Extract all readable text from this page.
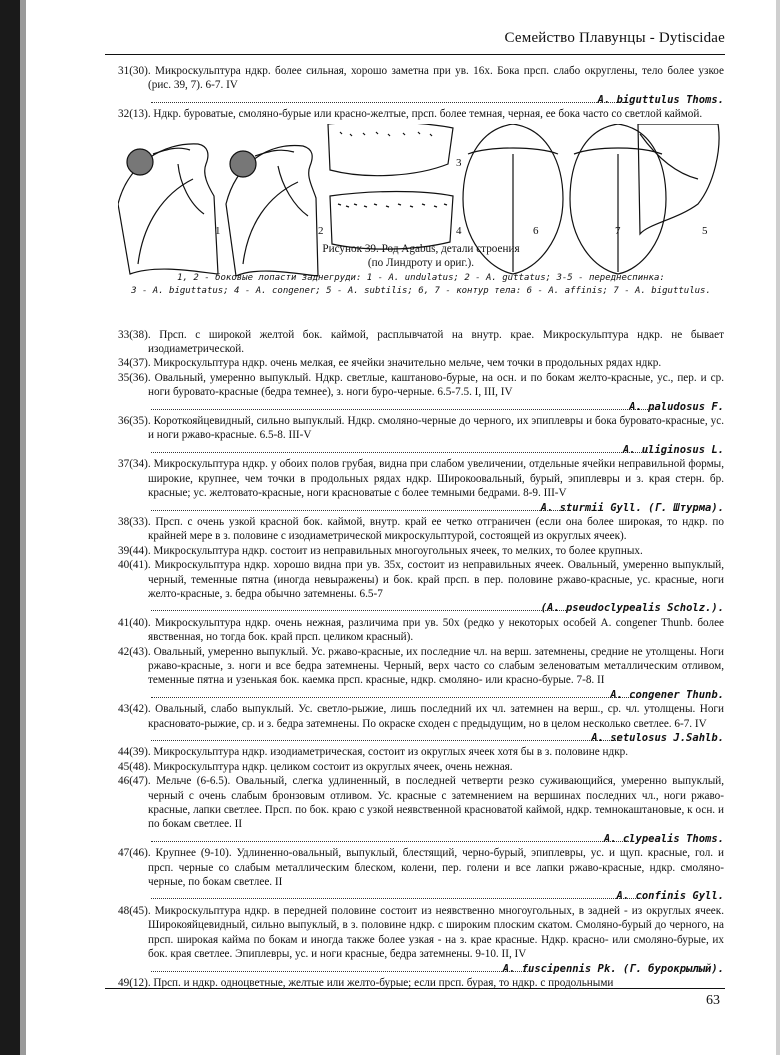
Семейство Плавунцы - Dytiscidae
31(30). Микроскульптура ндкр. более сильная, хорошо заметна при ув. 16х. Бока прсп. слабо округлены, тело более узкое (рис. 39, 7). 6-7. IV
A. biguttulus Thoms.
32(13). Ндкр. буроватые, смоляно-бурые или красно-желтые, прсп. более темная, черная, ее бока часто со светлой каймой.
1	2
3
4	6	7	5
Рисунок 39. Род Agabus, детали строения
(по Линдроту и ориг.).
1, 2 - боковые лопасти заднегруди: 1 - A. undulatus; 2 - A. guttatus; 3-5 - переднеспинка:
3 - A. biguttatus; 4 - A. congener; 5 - A. subtilis; 6, 7 - контур тела: 6 - A. affinis; 7 - A. biguttulus.
33(38). Прсп. с широкой желтой бок. каймой, расплывчатой на внутр. крае. Микроскульптура ндкр. не бывает изодиаметрической.
34(37). Микроскульптура ндкр. очень мелкая, ее ячейки значительно мельче, чем точки в продольных рядах ндкр.
35(36). Овальный, умеренно выпуклый. Ндкр. светлые, каштаново-бурые, на осн. и по бокам желто-красные, ус., пер. и ср. ноги буровато-красные (бедра темнее), з. ноги буро-черные. 6.5-7.5. I, III, IV
A. paludosus F.
36(35). Короткояйцевидный, сильно выпуклый. Ндкр. смоляно-черные до черного, их эпиплевры и бока буровато-красные, ус. и ноги ржаво-красные. 6.5-8. III-V
A. uliginosus L.
37(34). Микроскульптура ндкр. у обоих полов грубая, видна при слабом увеличении, отдельные ячейки неправильной формы, широкие, крупнее, чем точки в продольных рядах ндкр. Широкоовальный, бурый, эпиплевры и з. края стерн. бр. красные; ус. желтовато-красные, ноги красноватые с более темными бедрами. 8-9. III-V
A. sturmii Gyll. (Г. Штурма).
38(33). Прсп. с очень узкой красной бок. каймой, внутр. край ее четко отграничен (если она более широкая, то ндкр. по крайней мере в з. половине с изодиаметрической микроскульптурой, состоящей из округлых ячеек).
39(44). Микроскульптура ндкр. состоит из неправильных многоугольных ячеек, то мелких, то более крупных.
40(41). Микроскульптура ндкр. хорошо видна при ув. 35х, состоит из неправильных ячеек. Овальный, умеренно выпуклый, черный, теменные пятна (иногда невыражены) и бок. край прсп. в пер. половине ржаво-красные, ус. красные, ноги желто-красные, з. бедра обычно затемнены. 6.5-7
(A. pseudoclypealis Scholz.).
41(40). Микроскульптура ндкр. очень нежная, различима при ув. 50х (редко у некоторых особей A. congener Thunb. более явственная, но тогда бок. край прсп. целиком красный).
42(43). Овальный, умеренно выпуклый. Ус. ржаво-красные, их последние чл. на верш. затемнены, средние не утолщены. Ноги ржаво-красные, з. ноги и все бедра затемнены. Черный, верх часто со слабым зеленоватым металлическим отливом, теменные пятна и узенькая бок. каемка прсп. красные, ндкр. смоляно- или красно-бурые. 7-8. II
A. congener Thunb.
43(42). Овальный, слабо выпуклый. Ус. светло-рыжие, лишь последний их чл. затемнен на верш., ср. чл. утолщены. Ноги красновато-рыжие, ср. и з. бедра затемнены. По окраске сходен с предыдущим, но в целом несколько светлее. 6-7. IV
A. setulosus J.Sahlb.
44(39). Микроскульптура ндкр. изодиаметрическая, состоит из округлых ячеек хотя бы в з. половине ндкр.
45(48). Микроскульптура ндкр. целиком состоит из округлых ячеек, очень нежная.
46(47). Мельче (6-6.5). Овальный, слегка удлиненный, в последней четверти резко суживающийся, умеренно выпуклый, черный с очень слабым бронзовым отливом. Ус. красные с затемнением на вершинах последних чл., ноги ржаво-красные, лапки светлее. Прсп. по бок. краю с узкой неявственной красноватой каймой, ндкр. темнокаштановые, к осн. и по бокам светлее. II
A. clypealis Thoms.
47(46). Крупнее (9-10). Удлиненно-овальный, выпуклый, блестящий, черно-бурый, эпиплевры, ус. и щуп. красные, гол. и прсп. черные со слабым металлическим блеском, колени, пер. голени и все лапки ржаво-красные, ндкр. смоляно-черные, по бокам светлее. II
A. confinis Gyll.
48(45). Микроскульптура ндкр. в передней половине состоит из неявственно многоугольных, в задней - из округлых ячеек. Широкояйцевидный, сильно выпуклый, в з. половине ндкр. с широким плоским скатом. Смоляно-бурый до черного, на прсп. широкая кайма по бокам и иногда также более узкая - на з. крае красные. Ндкр. красно- или смоляно-бурые, их бок. края светлее. Эпиплевры, ус. и ноги красные, бедра затемнены. 9-10. II, IV
A. fuscipennis Pk. (Г. бурокрылый).
49(12). Прсп. и ндкр. одноцветные, желтые или желто-бурые; если прсп. бурая, то ндкр. с продольными
63
